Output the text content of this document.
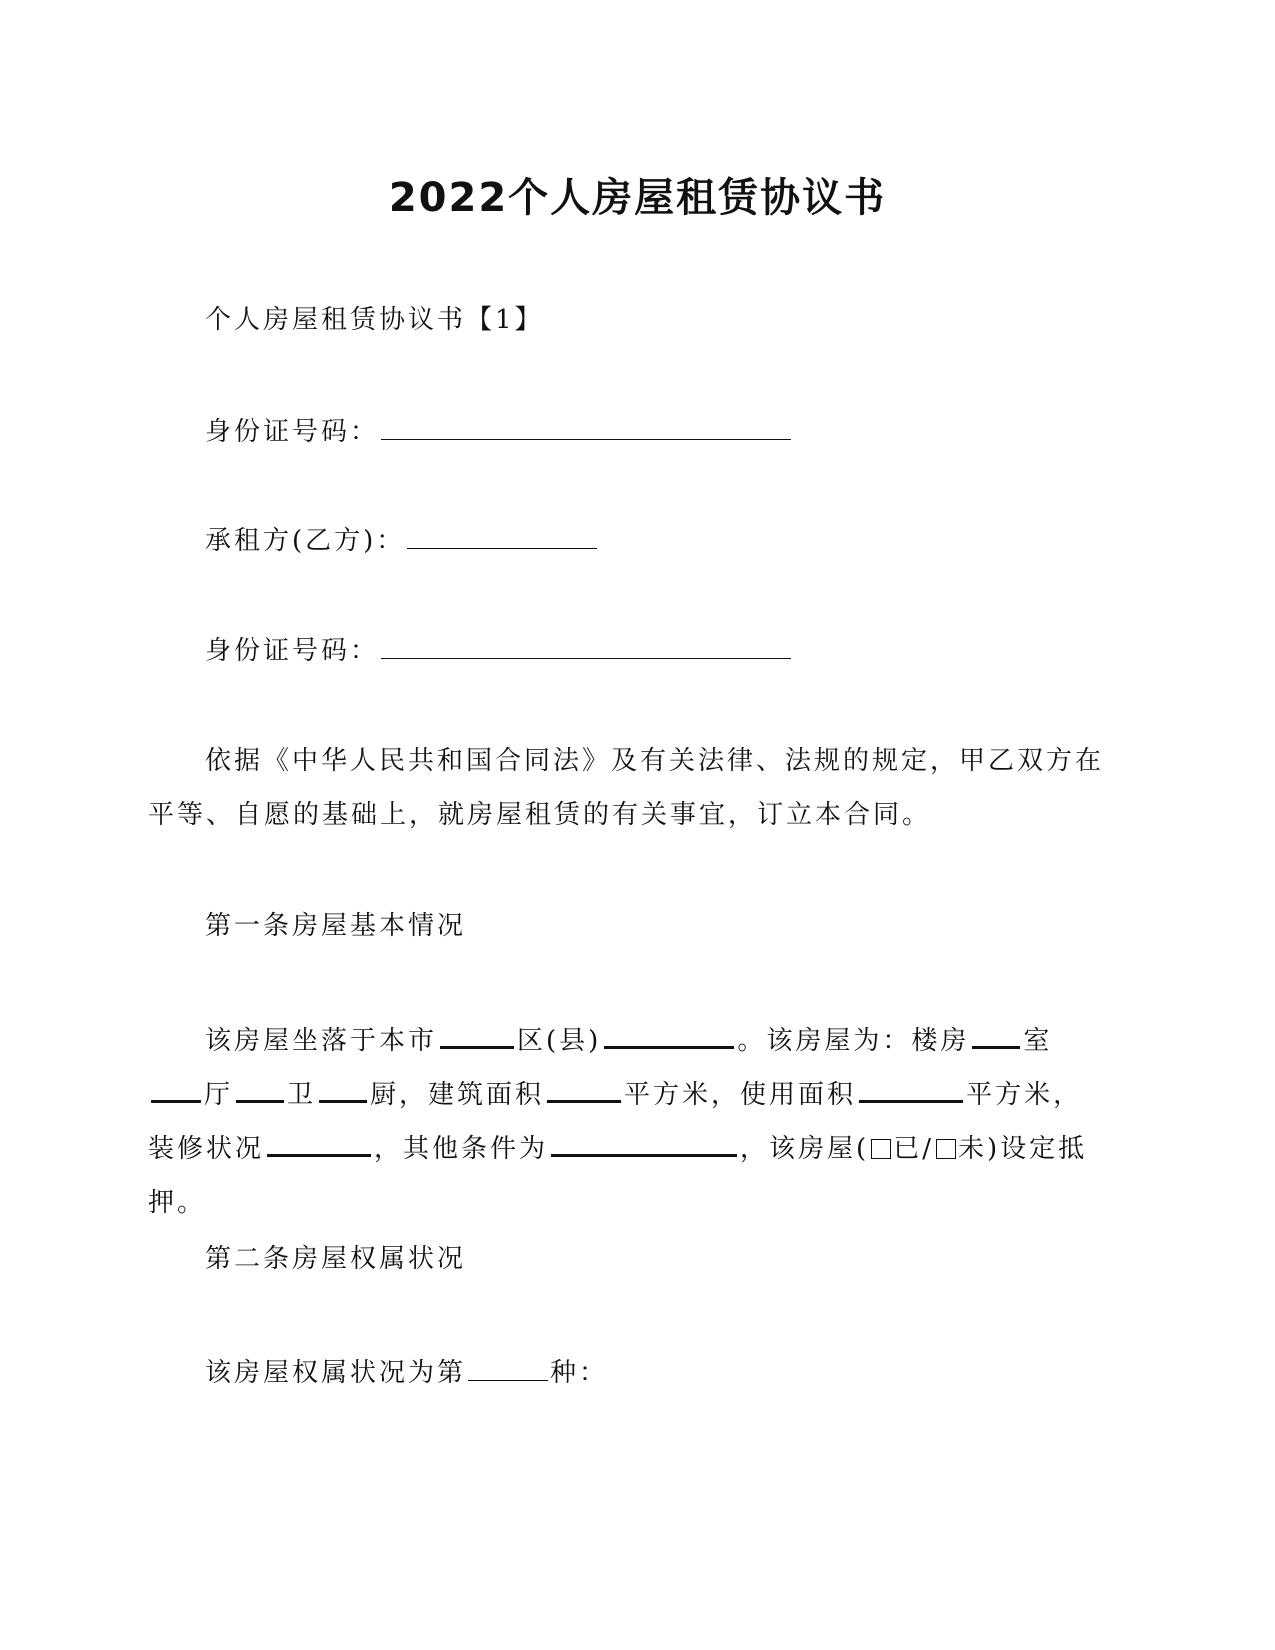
2022个人房屋租赁协议书
个人房屋租赁协议书【1】
身份证号码：
承租方(乙方)：
身份证号码：
依据《中华人民共和国合同法》及有关法律、法规的规定，甲乙双方在平等、自愿的基础上，就房屋租赁的有关事宜，订立本合同。
第一条房屋基本情况
该房屋坐落于本市	区(县)	。该房屋为：楼房 室厅 卫 厨，建筑面积	平方米，使用面积	平方米，装修状况	，其他条件为	，该房屋( 已/ 未)设定抵押。
第二条房屋权属状况
该房屋权属状况为第	种：
